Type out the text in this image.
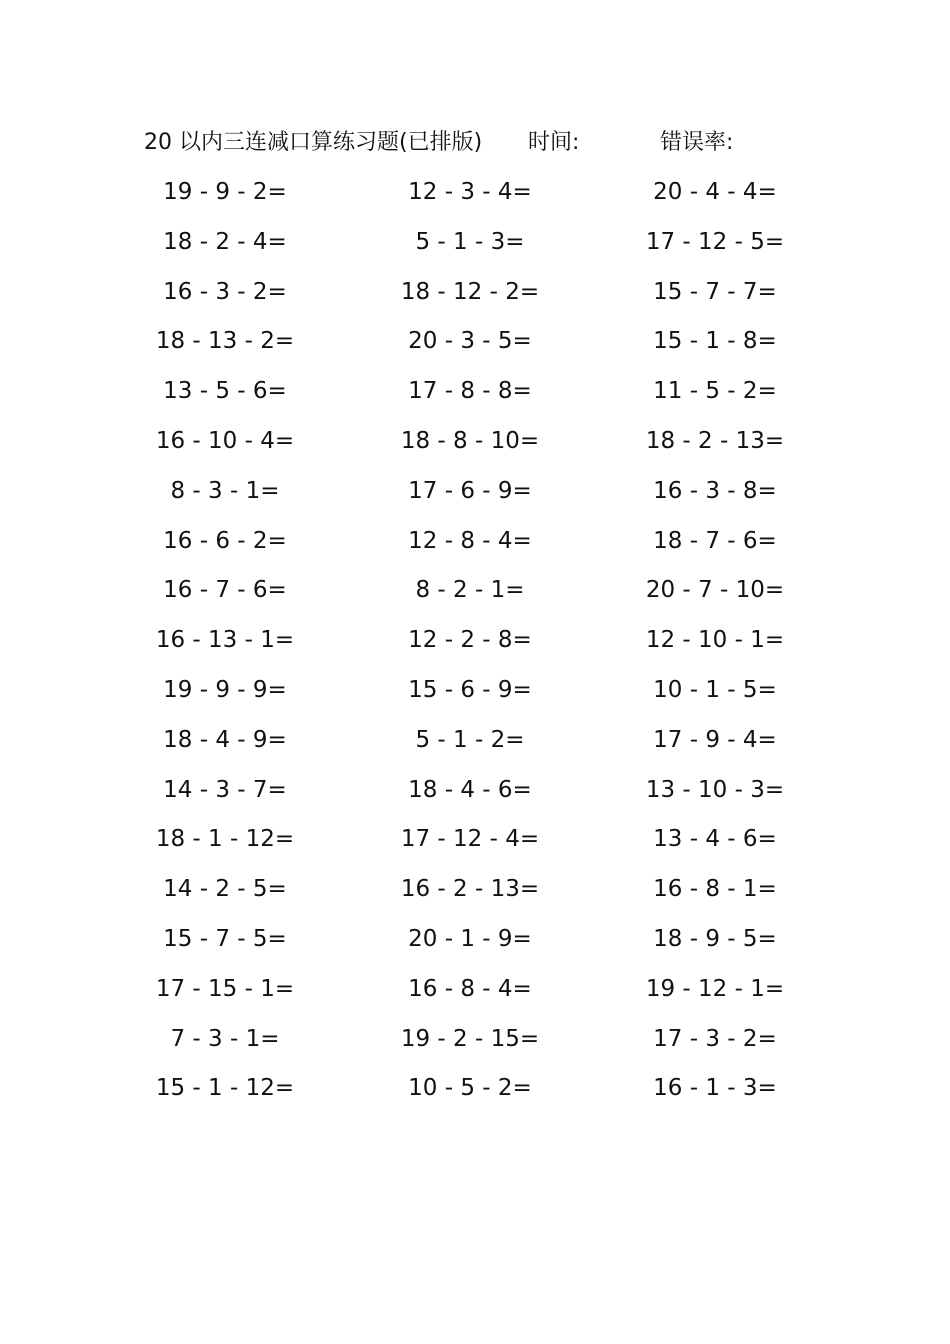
20 以内三连减口算练习题(已排版) 时间:	错误率:
19 - 9 - 2=	12 - 3 - 4=	20 - 4 - 4=
18 - 2 - 4=	5 - 1 - 3=	17 - 12 - 5=
16 - 3 - 2=	18 - 12 - 2=	15 - 7 - 7=
18 - 13 - 2=	20 - 3 - 5=	15 - 1 - 8=
13 - 5 - 6=	17 - 8 - 8=	11 - 5 - 2=
16 - 10 - 4=	18 - 8 - 10=	18 - 2 - 13=
8 - 3 - 1=	17 - 6 - 9=	16 - 3 - 8=
16 - 6 - 2=	12 - 8 - 4=	18 - 7 - 6=
16 - 7 - 6=	8 - 2 - 1=	20 - 7 - 10=
16 - 13 - 1=	12 - 2 - 8=	12 - 10 - 1=
19 - 9 - 9=	15 - 6 - 9=	10 - 1 - 5=
18 - 4 - 9=	5 - 1 - 2=	17 - 9 - 4=
14 - 3 - 7=	18 - 4 - 6=	13 - 10 - 3=
18 - 1 - 12=	17 - 12 - 4=	13 - 4 - 6=
14 - 2 - 5=	16 - 2 - 13=	16 - 8 - 1=
15 - 7 - 5=	20 - 1 - 9=	18 - 9 - 5=
17 - 15 - 1=	16 - 8 - 4=	19 - 12 - 1=
7 - 3 - 1=	19 - 2 - 15=	17 - 3 - 2=
15 - 1 - 12=	10 - 5 - 2=	16 - 1 - 3=
